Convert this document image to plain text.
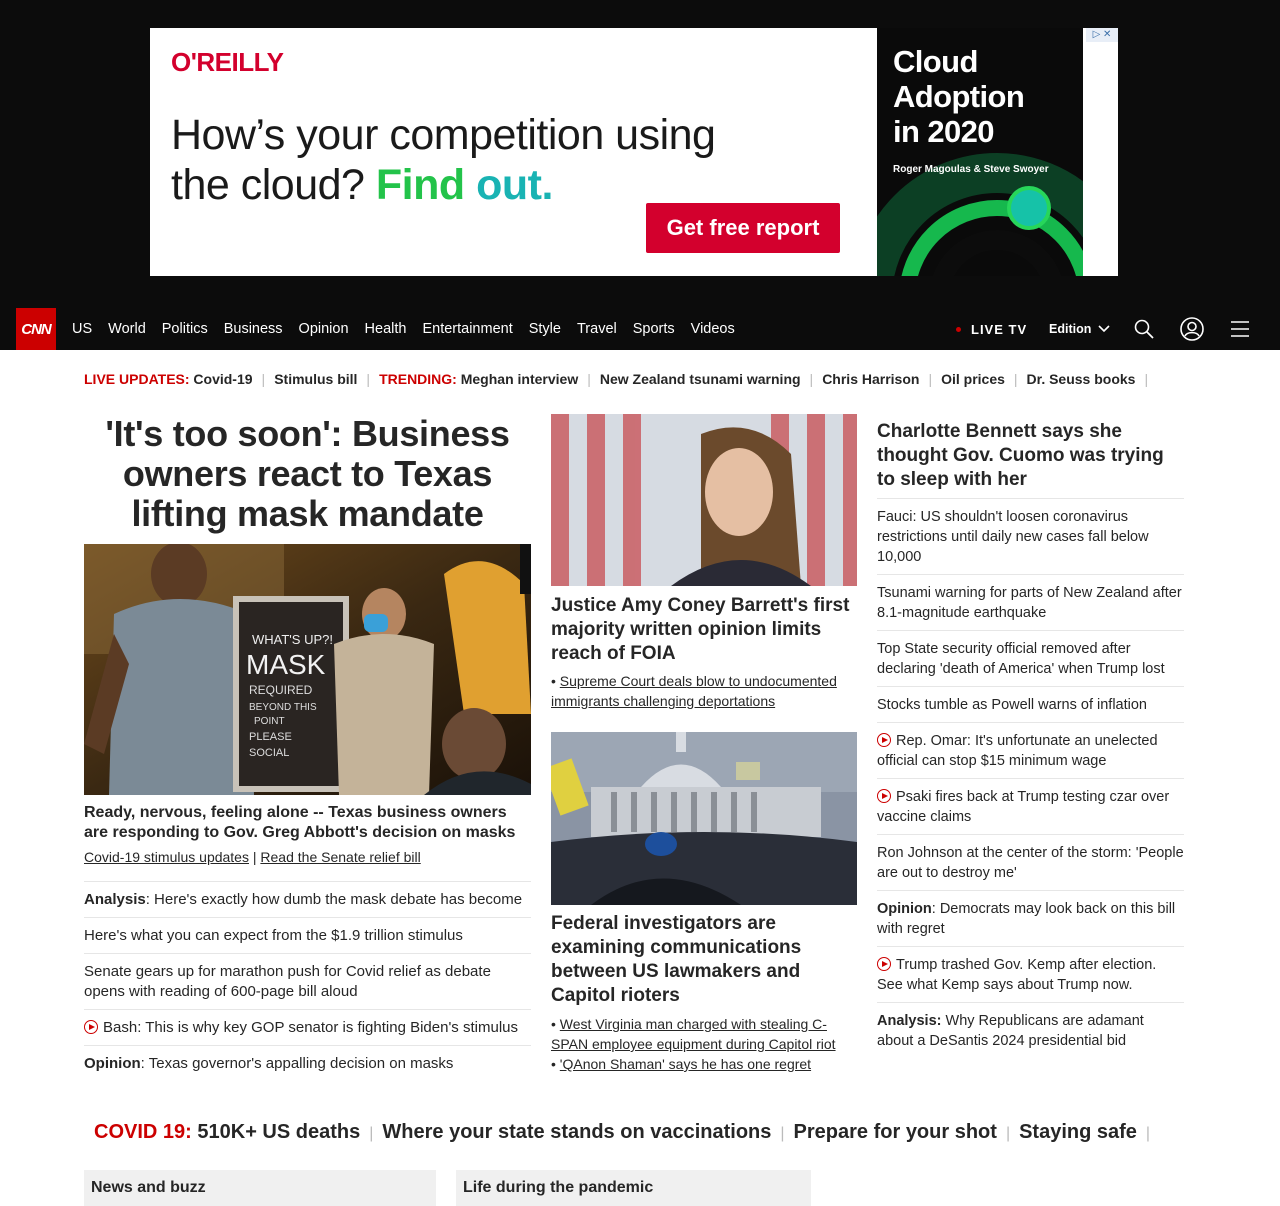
O'REILLY
How’s your competition using
the cloud? Find out.
Get free report
Cloud Adoption in 2020
Roger Magoulas & Steve Swoyer
▷ ✕
CNN	US	World	Politics	Business	Opinion	Health	Entertainment	Style	Travel	Sports	Videos	LIVE TV Edition
LIVE UPDATES: Covid-19 | Stimulus bill | TRENDING: Meghan interview | New Zealand tsunami warning | Chris Harrison | Oil prices | Dr. Seuss books |
'It's too soon': Business owners react to Texas lifting mask mandate
WHAT'S UP?!
MASK
REQUIRED
BEYOND THIS
POINT
PLEASE
SOCIAL
Ready, nervous, feeling alone -- Texas business owners are responding to Gov. Greg Abbott's decision on masks
Covid-19 stimulus updates | Read the Senate relief bill
Analysis: Here's exactly how dumb the mask debate has become
Here's what you can expect from the $1.9 trillion stimulus
Senate gears up for marathon push for Covid relief as debate opens with reading of 600-page bill aloud
Bash: This is why key GOP senator is fighting Biden's stimulus
Opinion: Texas governor's appalling decision on masks
Justice Amy Coney Barrett's first majority written opinion limits reach of FOIA
• Supreme Court deals blow to undocumented immigrants challenging deportations
Federal investigators are examining communications between US lawmakers and Capitol rioters
• West Virginia man charged with stealing C-SPAN employee equipment during Capitol riot
• 'QAnon Shaman' says he has one regret
Charlotte Bennett says she thought Gov. Cuomo was trying to sleep with her
Fauci: US shouldn't loosen coronavirus restrictions until daily new cases fall below 10,000
Tsunami warning for parts of New Zealand after 8.1-magnitude earthquake
Top State security official removed after declaring 'death of America' when Trump lost
Stocks tumble as Powell warns of inflation
Rep. Omar: It's unfortunate an unelected official can stop $15 minimum wage
Psaki fires back at Trump testing czar over vaccine claims
Ron Johnson at the center of the storm: 'People are out to destroy me'
Opinion: Democrats may look back on this bill with regret
Trump trashed Gov. Kemp after election. See what Kemp says about Trump now.
Analysis: Why Republicans are adamant about a DeSantis 2024 presidential bid
COVID 19: 510K+ US deaths | Where your state stands on vaccinations | Prepare for your shot | Staying safe |
News and buzz	Life during the pandemic
